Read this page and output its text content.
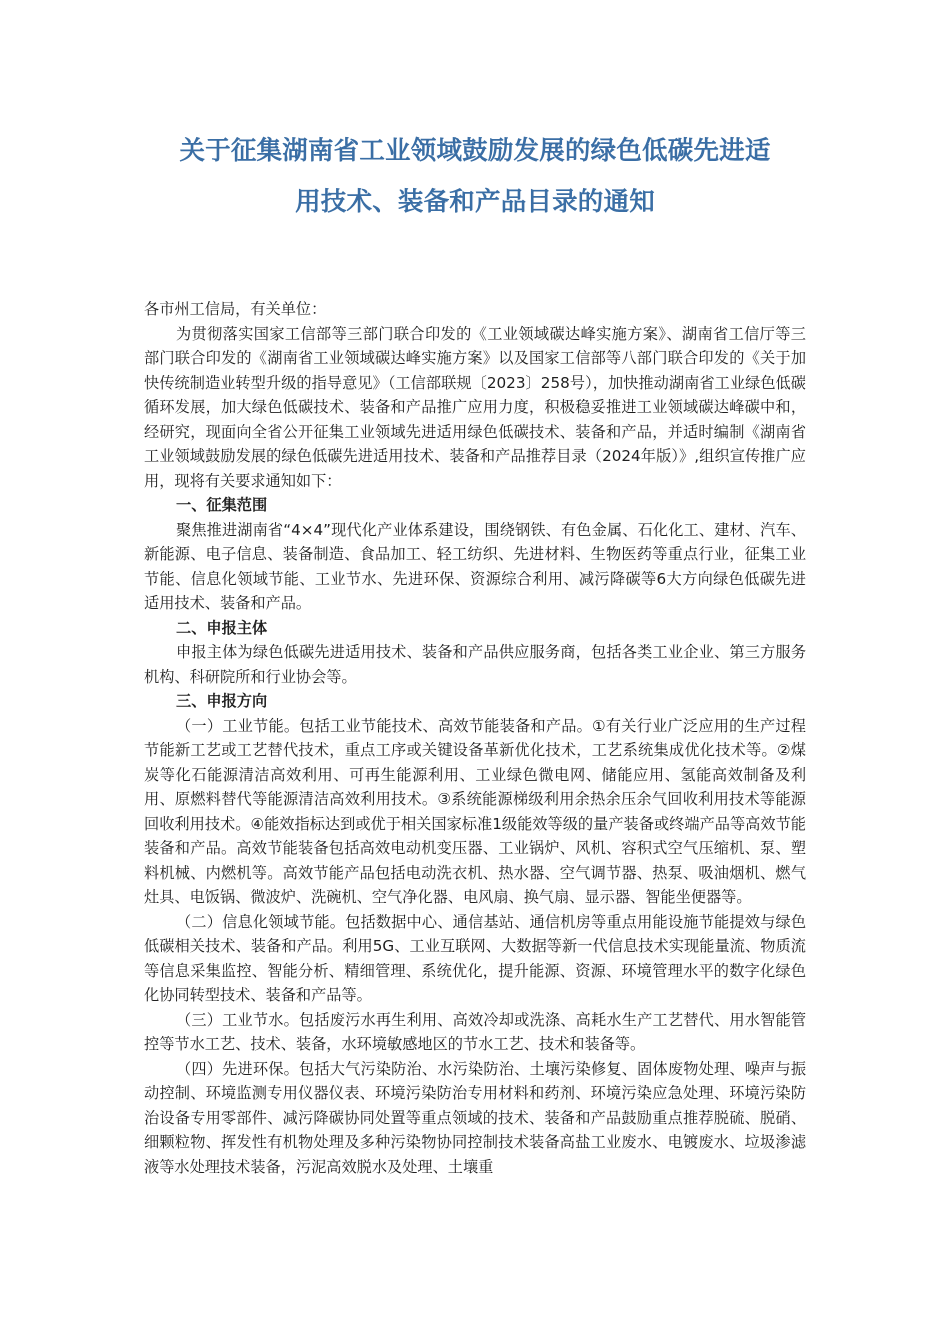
关于征集湖南省工业领域鼓励发展的绿色低碳先进适
用技术、装备和产品目录的通知

各市州工信局，有关单位：

为贯彻落实国家工信部等三部门联合印发的《工业领域碳达峰实施方案》、湖南省工信厅等三部门联合印发的《湖南省工业领域碳达峰实施方案》以及国家工信部等八部门联合印发的《关于加快传统制造业转型升级的指导意见》（工信部联规〔2023〕258号），加快推动湖南省工业绿色低碳循环发展，加大绿色低碳技术、装备和产品推广应用力度，积极稳妥推进工业领域碳达峰碳中和，经研究，现面向全省公开征集工业领域先进适用绿色低碳技术、装备和产品，并适时编制《湖南省工业领域鼓励发展的绿色低碳先进适用技术、装备和产品推荐目录（2024年版）》,组织宣传推广应用，现将有关要求通知如下：

一、征集范围

聚焦推进湖南省“4×4”现代化产业体系建设，围绕钢铁、有色金属、石化化工、建材、汽车、新能源、电子信息、装备制造、食品加工、轻工纺织、先进材料、生物医药等重点行业，征集工业节能、信息化领域节能、工业节水、先进环保、资源综合利用、减污降碳等6大方向绿色低碳先进适用技术、装备和产品。

二、申报主体

申报主体为绿色低碳先进适用技术、装备和产品供应服务商，包括各类工业企业、第三方服务机构、科研院所和行业协会等。

三、申报方向

（一）工业节能。包括工业节能技术、高效节能装备和产品。①有关行业广泛应用的生产过程节能新工艺或工艺替代技术，重点工序或关键设备革新优化技术，工艺系统集成优化技术等。②煤炭等化石能源清洁高效利用、可再生能源利用、工业绿色微电网、储能应用、氢能高效制备及利用、原燃料替代等能源清洁高效利用技术。③系统能源梯级利用余热余压余气回收利用技术等能源回收利用技术。④能效指标达到或优于相关国家标准1级能效等级的量产装备或终端产品等高效节能装备和产品。高效节能装备包括高效电动机变压器、工业锅炉、风机、容积式空气压缩机、泵、塑料机械、内燃机等。高效节能产品包括电动洗衣机、热水器、空气调节器、热泵、吸油烟机、燃气灶具、电饭锅、微波炉、洗碗机、空气净化器、电风扇、换气扇、显示器、智能坐便器等。

（二）信息化领域节能。包括数据中心、通信基站、通信机房等重点用能设施节能提效与绿色低碳相关技术、装备和产品。利用5G、工业互联网、大数据等新一代信息技术实现能量流、物质流等信息采集监控、智能分析、精细管理、系统优化，提升能源、资源、环境管理水平的数字化绿色化协同转型技术、装备和产品等。

（三）工业节水。包括废污水再生利用、高效冷却或洗涤、高耗水生产工艺替代、用水智能管控等节水工艺、技术、装备，水环境敏感地区的节水工艺、技术和装备等。

（四）先进环保。包括大气污染防治、水污染防治、土壤污染修复、固体废物处理、噪声与振动控制、环境监测专用仪器仪表、环境污染防治专用材料和药剂、环境污染应急处理、环境污染防治设备专用零部件、减污降碳协同处置等重点领域的技术、装备和产品鼓励重点推荐脱硫、脱硝、细颗粒物、挥发性有机物处理及多种污染物协同控制技术装备高盐工业废水、电镀废水、垃圾渗滤液等水处理技术装备，污泥高效脱水及处理、土壤重
